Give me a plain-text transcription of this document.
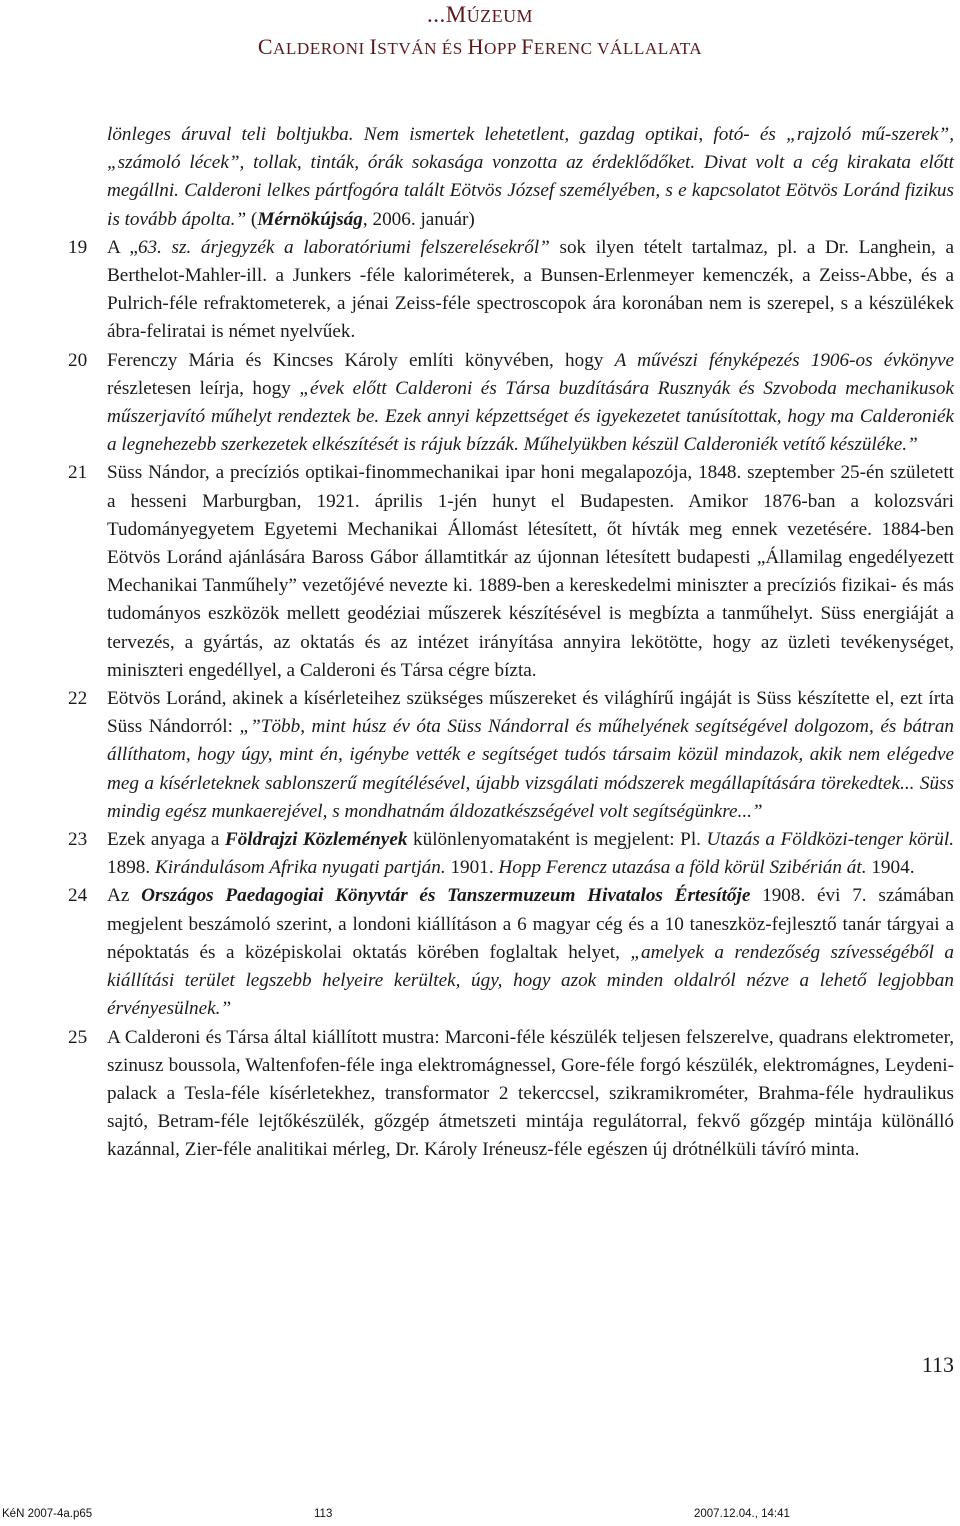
...MÚZEUM
CALDERONI ISTVÁN ÉS HOPP FERENC VÁLLALATA
lönleges áruval teli boltjukba. Nem ismertek lehetetlent, gazdag optikai, fotó- és „rajzoló mű-szerek”, „számoló lécek”, tollak, tinták, órák sokasága vonzotta az érdeklődőket. Divat volt a cég kirakata előtt megállni. Calderoni lelkes pártfogóra talált Eötvös József személyében, s e kapcsolatot Eötvös Loránd fizikus is tovább ápolta.” (Mérnökújság, 2006. január)
19	A „63. sz. árjegyzék a laboratóriumi felszerelésekről” sok ilyen tételt tartalmaz, pl. a Dr. Langhein, a Berthelot-Mahler-ill. a Junkers -féle kaloriméterek, a Bunsen-Erlenmeyer kemenczék, a Zeiss-Abbe, és a Pulrich-féle refraktometerek, a jénai Zeiss-féle spectroscopok ára koronában nem is szerepel, s a készülékek ábra-feliratai is német nyelvűek.
20	Ferenczy Mária és Kincses Károly említi könyvében, hogy A művészi fényképezés 1906-os évkönyve részletesen leírja, hogy „évek előtt Calderoni és Társa buzdítására Rusznyák és Szvoboda mechanikusok műszerjavító műhelyt rendeztek be. Ezek annyi képzettséget és igyekezetet tanúsítottak, hogy ma Calderoniék a legnehezebb szerkezetek elkészítését is rájuk bízzák. Műhelyükben készül Calderoniék vetítő készüléke.”
21	Süss Nándor, a precíziós optikai-finommechanikai ipar honi megalapozója, 1848. szeptember 25-én született a hesseni Marburgban, 1921. április 1-jén hunyt el Budapesten. Amikor 1876-ban a kolozsvári Tudományegyetem Egyetemi Mechanikai Állomást létesített, őt hívták meg ennek vezetésére. 1884-ben Eötvös Loránd ajánlására Baross Gábor államtitkár az újonnan létesített budapesti „Államilag engedélyezett Mechanikai Tanműhely” vezetőjévé nevezte ki. 1889-ben a kereskedelmi miniszter a precíziós fizikai- és más tudományos eszközök mellett geodéziai műszerek készítésével is megbízta a tanműhelyt. Süss energiáját a tervezés, a gyártás, az oktatás és az intézet irányítása annyira lekötötte, hogy az üzleti tevékenységet, miniszteri engedéllyel, a Calderoni és Társa cégre bízta.
22	Eötvös Loránd, akinek a kísérleteihez szükséges műszereket és világhírű ingáját is Süss készítette el, ezt írta Süss Nándorról: „”Több, mint húsz év óta Süss Nándorral és műhelyének segítségével dolgozom, és bátran állíthatom, hogy úgy, mint én, igénybe vették e segítséget tudós társaim közül mindazok, akik nem elégedve meg a kísérleteknek sablonszerű megítélésével, újabb vizsgálati módszerek megállapítására törekedtek... Süss mindig egész munkaerejével, s mondhatnám áldozatkészségével volt segítségünkre...”
23	Ezek anyaga a Földrajzi Közlemények különlenyomataként is megjelent: Pl. Utazás a Földközi-tenger körül. 1898. Kirándulásom Afrika nyugati partján. 1901. Hopp Ferencz utazása a föld körül Szibérián át. 1904.
24	Az Országos Paedagogiai Könyvtár és Tanszermuzeum Hivatalos Értesítője 1908. évi 7. számában megjelent beszámoló szerint, a londoni kiállításon a 6 magyar cég és a 10 taneszköz-fejlesztő tanár tárgyai a népoktatás és a középiskolai oktatás körében foglaltak helyet, „amelyek a rendezőség szívességéből a kiállítási terület legszebb helyeire kerültek, úgy, hogy azok minden oldalról nézve a lehető legjobban érvényesülnek.”
25	A Calderoni és Társa által kiállított mustra: Marconi-féle készülék teljesen felszerelve, quadrans elektrometer, szinusz boussola, Waltenfofen-féle inga elektromágnessel, Gore-féle forgó készülék, elektromágnes, Leydeni-palack a Tesla-féle kísérletekhez, transformator 2 tekerccsel, szikramikrométer, Brahma-féle hydraulikus sajtó, Betram-féle lejtőkészülék, gőzgép átmetszeti mintája regulátorral, fekvő gőzgép mintája különálló kazánnal, Zier-féle analitikai mérleg, Dr. Károly Iréneusz-féle egészen új drótnélküli távíró minta.
113
KéN 2007-4a.p65	113	2007.12.04., 14:41
